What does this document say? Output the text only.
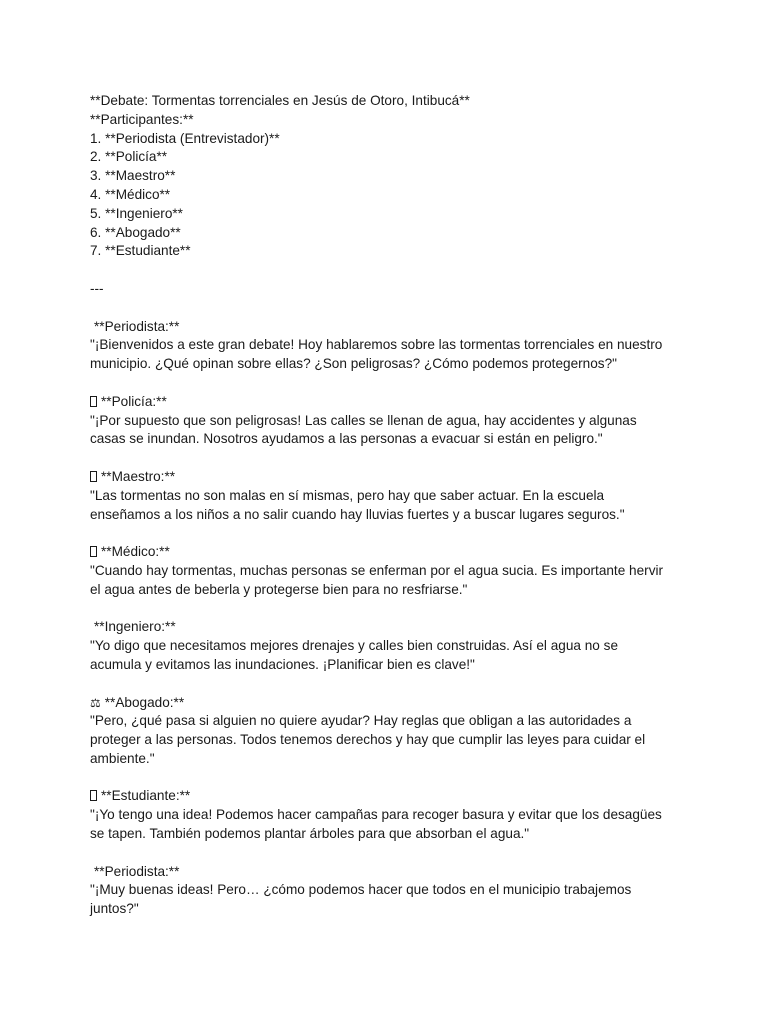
**Debate: Tormentas torrenciales en Jesús de Otoro, Intibucá**
**Participantes:**
1. **Periodista (Entrevistador)**
2. **Policía**
3. **Maestro**
4. **Médico**
5. **Ingeniero**
6. **Abogado**
7. **Estudiante**
---
**Periodista:**
"¡Bienvenidos a este gran debate! Hoy hablaremos sobre las tormentas torrenciales en nuestro
municipio. ¿Qué opinan sobre ellas? ¿Son peligrosas? ¿Cómo podemos protegernos?"
**Policía:**
"¡Por supuesto que son peligrosas! Las calles se llenan de agua, hay accidentes y algunas
casas se inundan. Nosotros ayudamos a las personas a evacuar si están en peligro."
**Maestro:**
"Las tormentas no son malas en sí mismas, pero hay que saber actuar. En la escuela
enseñamos a los niños a no salir cuando hay lluvias fuertes y a buscar lugares seguros."
**Médico:**
"Cuando hay tormentas, muchas personas se enferman por el agua sucia. Es importante hervir
el agua antes de beberla y protegerse bien para no resfriarse."
**Ingeniero:**
"Yo digo que necesitamos mejores drenajes y calles bien construidas. Así el agua no se
acumula y evitamos las inundaciones. ¡Planificar bien es clave!"
⚖ **Abogado:**
"Pero, ¿qué pasa si alguien no quiere ayudar? Hay reglas que obligan a las autoridades a
proteger a las personas. Todos tenemos derechos y hay que cumplir las leyes para cuidar el
ambiente."
**Estudiante:**
"¡Yo tengo una idea! Podemos hacer campañas para recoger basura y evitar que los desagües
se tapen. También podemos plantar árboles para que absorban el agua."
**Periodista:**
"¡Muy buenas ideas! Pero… ¿cómo podemos hacer que todos en el municipio trabajemos
juntos?"
